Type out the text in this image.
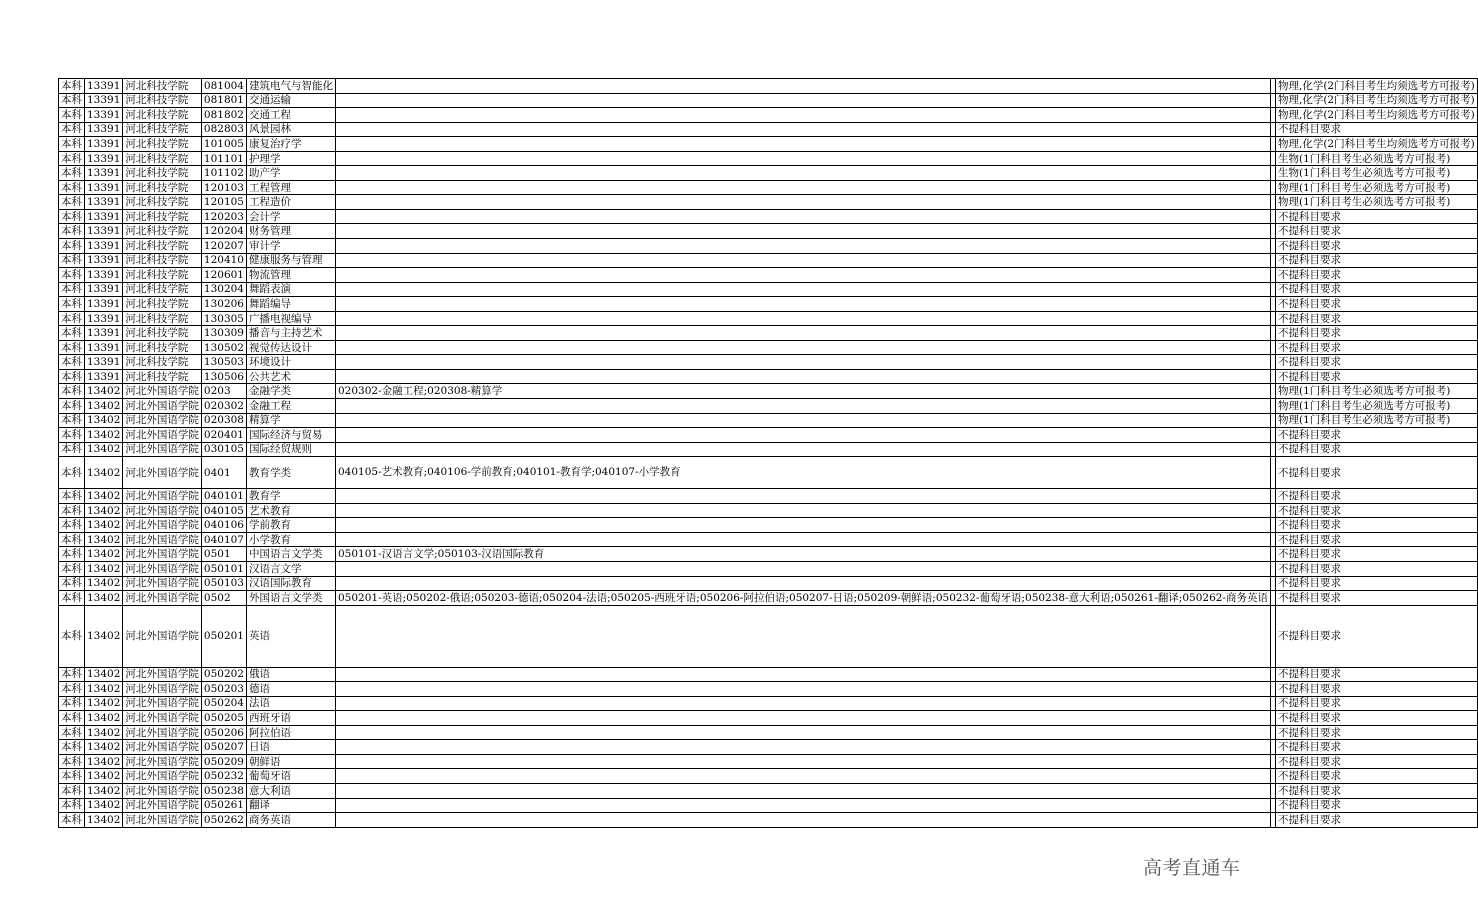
本科	13391	河北科技学院	081004	建筑电气与智能化			物理,化学(2门科目考生均须选考方可报考)
本科	13391	河北科技学院	081801	交通运输			物理,化学(2门科目考生均须选考方可报考)
本科	13391	河北科技学院	081802	交通工程			物理,化学(2门科目考生均须选考方可报考)
本科	13391	河北科技学院	082803	风景园林			不提科目要求
本科	13391	河北科技学院	101005	康复治疗学			物理,化学(2门科目考生均须选考方可报考)
本科	13391	河北科技学院	101101	护理学			生物(1门科目考生必须选考方可报考)
本科	13391	河北科技学院	101102	助产学			生物(1门科目考生必须选考方可报考)
本科	13391	河北科技学院	120103	工程管理			物理(1门科目考生必须选考方可报考)
本科	13391	河北科技学院	120105	工程造价			物理(1门科目考生必须选考方可报考)
本科	13391	河北科技学院	120203	会计学			不提科目要求
本科	13391	河北科技学院	120204	财务管理			不提科目要求
本科	13391	河北科技学院	120207	审计学			不提科目要求
本科	13391	河北科技学院	120410	健康服务与管理			不提科目要求
本科	13391	河北科技学院	120601	物流管理			不提科目要求
本科	13391	河北科技学院	130204	舞蹈表演			不提科目要求
本科	13391	河北科技学院	130206	舞蹈编导			不提科目要求
本科	13391	河北科技学院	130305	广播电视编导			不提科目要求
本科	13391	河北科技学院	130309	播音与主持艺术			不提科目要求
本科	13391	河北科技学院	130502	视觉传达设计			不提科目要求
本科	13391	河北科技学院	130503	环境设计			不提科目要求
本科	13391	河北科技学院	130506	公共艺术			不提科目要求
本科	13402	河北外国语学院	0203	金融学类	020302-金融工程;020308-精算学		物理(1门科目考生必须选考方可报考)
本科	13402	河北外国语学院	020302	金融工程			物理(1门科目考生必须选考方可报考)
本科	13402	河北外国语学院	020308	精算学			物理(1门科目考生必须选考方可报考)
本科	13402	河北外国语学院	020401	国际经济与贸易			不提科目要求
本科	13402	河北外国语学院	030105	国际经贸规则			不提科目要求
本科	13402	河北外国语学院	0401	教育学类	040105-艺术教育;040106-学前教育;040101-教育学;040107-小学教育		不提科目要求
本科	13402	河北外国语学院	040101	教育学			不提科目要求
本科	13402	河北外国语学院	040105	艺术教育			不提科目要求
本科	13402	河北外国语学院	040106	学前教育			不提科目要求
本科	13402	河北外国语学院	040107	小学教育			不提科目要求
本科	13402	河北外国语学院	0501	中国语言文学类	050101-汉语言文学;050103-汉语国际教育		不提科目要求
本科	13402	河北外国语学院	050101	汉语言文学			不提科目要求
本科	13402	河北外国语学院	050103	汉语国际教育			不提科目要求
本科	13402	河北外国语学院	0502	外国语言文学类	050201-英语;050202-俄语;050203-德语;050204-法语;050205-西班牙语;050206-阿拉伯语;050207-日语;050209-朝鲜语;050232-葡萄牙语;050238-意大利语;050261-翻译;050262-商务英语		不提科目要求
本科	13402	河北外国语学院	050201	英语			不提科目要求
本科	13402	河北外国语学院	050202	俄语			不提科目要求
本科	13402	河北外国语学院	050203	德语			不提科目要求
本科	13402	河北外国语学院	050204	法语			不提科目要求
本科	13402	河北外国语学院	050205	西班牙语			不提科目要求
本科	13402	河北外国语学院	050206	阿拉伯语			不提科目要求
本科	13402	河北外国语学院	050207	日语			不提科目要求
本科	13402	河北外国语学院	050209	朝鲜语			不提科目要求
本科	13402	河北外国语学院	050232	葡萄牙语			不提科目要求
本科	13402	河北外国语学院	050238	意大利语			不提科目要求
本科	13402	河北外国语学院	050261	翻译			不提科目要求
本科	13402	河北外国语学院	050262	商务英语			不提科目要求
高考直通车
